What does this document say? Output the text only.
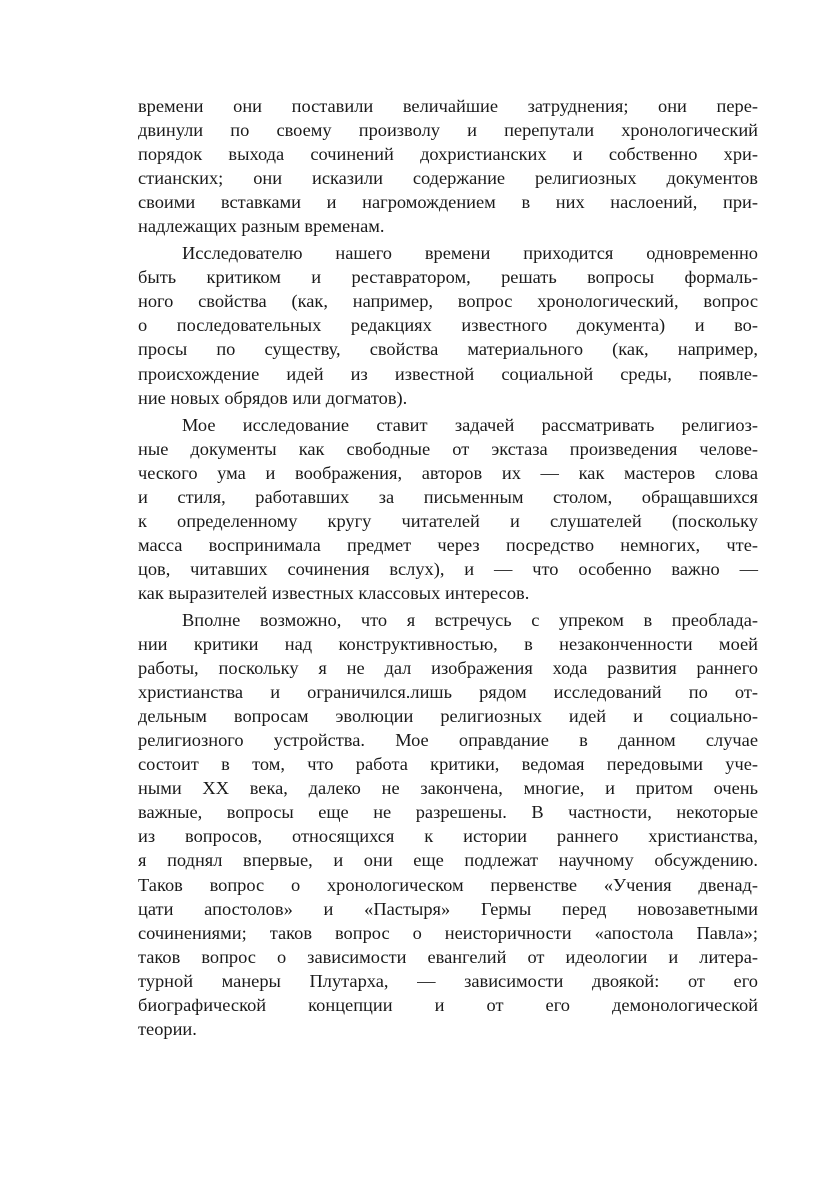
времени они поставили величайшие затруднения; они пере-
двинули по своему произволу и перепутали хронологический
порядок выхода сочинений дохристианских и собственно хри-
стианских; они исказили содержание религиозных документов
своими вставками и нагромождением в них наслоений, при-
надлежащих разным временам.
Исследователю нашего времени приходится одновременно
быть критиком и реставратором, решать вопросы формаль-
ного свойства (как, например, вопрос хронологический, вопрос
о последовательных редакциях известного документа) и во-
просы по существу, свойства материального (как, например,
происхождение идей из известной социальной среды, появле-
ние новых обрядов или догматов).
Мое исследование ставит задачей рассматривать религиоз-
ные документы как свободные от экстаза произведения челове-
ческого ума и воображения, авторов их — как мастеров слова
и стиля, работавших за письменным столом, обращавшихся
к определенному кругу читателей и слушателей (поскольку
масса воспринимала предмет через посредство немногих, чте-
цов, читавших сочинения вслух), и — что особенно важно —
как выразителей известных классовых интересов.
Вполне возможно, что я встречусь с упреком в преоблада-
нии критики над конструктивностью, в незаконченности моей
работы, поскольку я не дал изображения хода развития раннего
христианства и ограничился.лишь рядом исследований по от-
дельным вопросам эволюции религиозных идей и социально-
религиозного устройства. Мое оправдание в данном случае
состоит в том, что работа критики, ведомая передовыми уче-
ными XX века, далеко не закончена, многие, и притом очень
важные, вопросы еще не разрешены. В частности, некоторые
из вопросов, относящихся к истории раннего христианства,
я поднял впервые, и они еще подлежат научному обсуждению.
Таков вопрос о хронологическом первенстве «Учения двенад-
цати апостолов» и «Пастыря» Гермы перед новозаветными
сочинениями; таков вопрос о неисторичности «апостола Павла»;
таков вопрос о зависимости евангелий от идеологии и литера-
турной манеры Плутарха, — зависимости двоякой: от его
биографической концепции и от его демонологической
теории.
